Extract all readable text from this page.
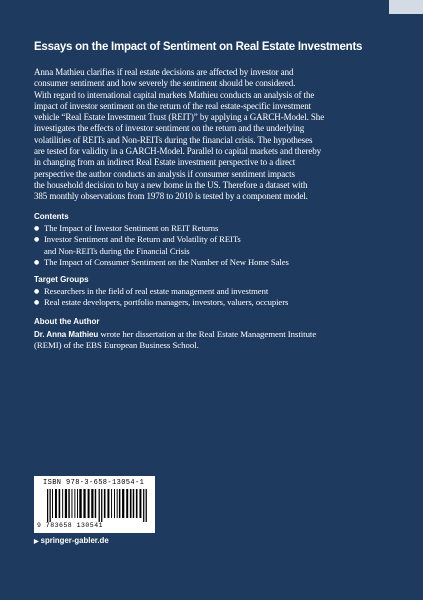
Essays on the Impact of Sentiment on Real Estate Investments
Anna Mathieu clarifies if real estate decisions are affected by investor and
consumer sentiment and how severely the sentiment should be considered.
With regard to international capital markets Mathieu conducts an analysis of the
impact of investor sentiment on the return of the real estate-specific investment
vehicle “Real Estate Investment Trust (REIT)” by applying a GARCH-Model. She
investigates the effects of investor sentiment on the return and the underlying
volatilities of REITs and Non-REITs during the financial crisis. The hypotheses
are tested for validity in a GARCH-Model. Parallel to capital markets and thereby
in changing from an indirect Real Estate investment perspective to a direct
perspective the author conducts an analysis if consumer sentiment impacts
the household decision to buy a new home in the US. Therefore a dataset with
385 monthly observations from 1978 to 2010 is tested by a component model.
Contents
● The Impact of Investor Sentiment on REIT Returns
● Investor Sentiment and the Return and Volatility of REITs
and Non-REITs during the Financial Crisis
● The Impact of Consumer Sentiment on the Number of New Home Sales
Target Groups
● Researchers in the field of real estate management and investment
● Real estate developers, portfolio managers, investors, valuers, occupiers
About the Author
Dr. Anna Mathieu wrote her dissertation at the Real Estate Management Institute
(REMI) of the EBS European Business School.
ISBN 978-3-658-13054-1
9 783658 130541
▶ springer-gabler.de
